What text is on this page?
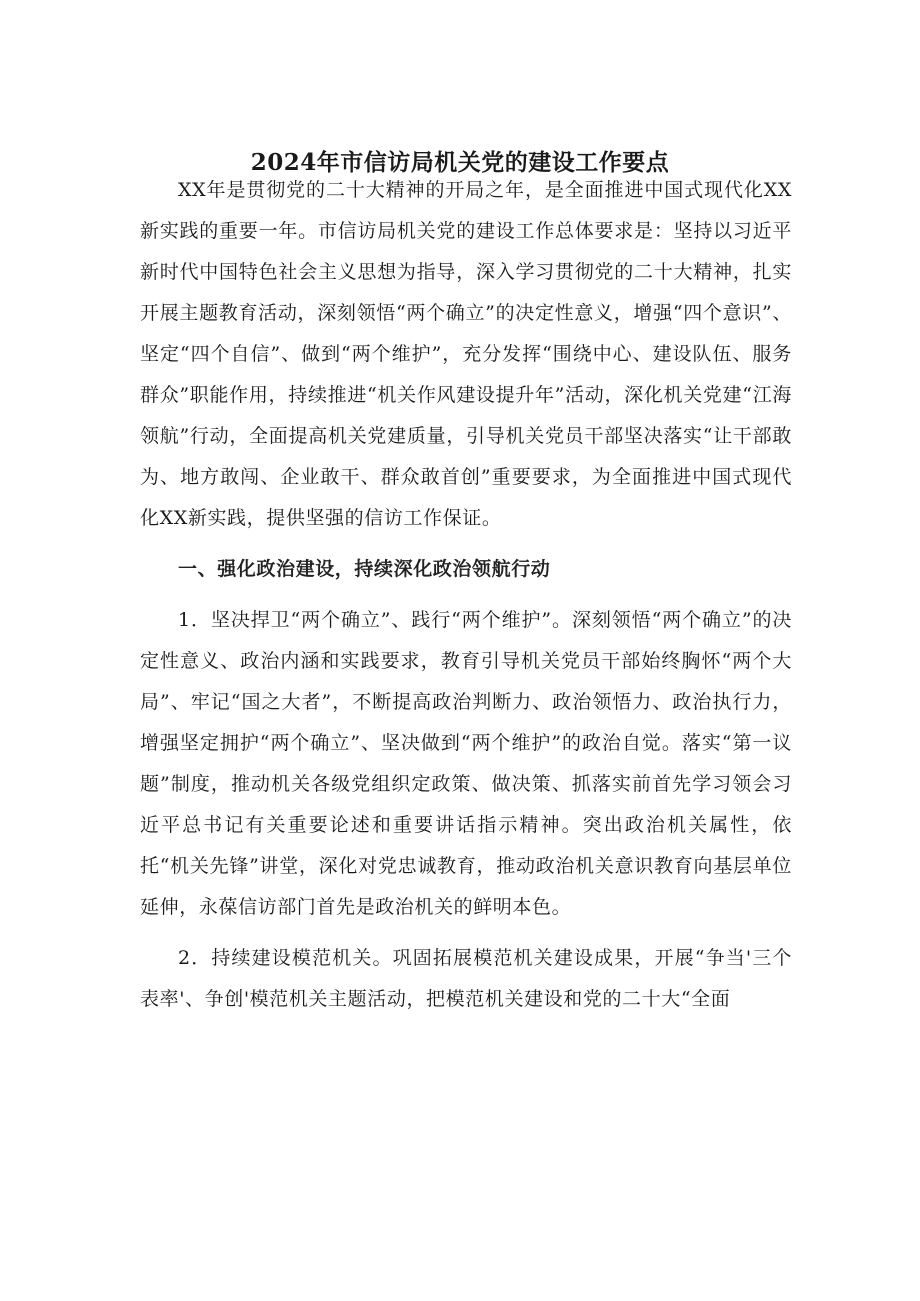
2024年市信访局机关党的建设工作要点

XX年是贯彻党的二十大精神的开局之年，是全面推进中国式现代化XX新实践的重要一年。市信访局机关党的建设工作总体要求是：坚持以习近平新时代中国特色社会主义思想为指导，深入学习贯彻党的二十大精神，扎实开展主题教育活动，深刻领悟“两个确立”的决定性意义，增强“四个意识”、坚定“四个自信”、做到“两个维护”，充分发挥“围绕中心、建设队伍、服务群众”职能作用，持续推进“机关作风建设提升年”活动，深化机关党建“江海领航”行动，全面提高机关党建质量，引导机关党员干部坚决落实“让干部敢为、地方敢闯、企业敢干、群众敢首创”重要要求，为全面推进中国式现代化XX新实践，提供坚强的信访工作保证。

一、强化政治建设，持续深化政治领航行动

1．坚决捍卫“两个确立”、践行“两个维护”。深刻领悟“两个确立”的决定性意义、政治内涵和实践要求，教育引导机关党员干部始终胸怀“两个大局”、牢记“国之大者”，不断提高政治判断力、政治领悟力、政治执行力，增强坚定拥护“两个确立”、坚决做到“两个维护”的政治自觉。落实“第一议题”制度，推动机关各级党组织定政策、做决策、抓落实前首先学习领会习近平总书记有关重要论述和重要讲话指示精神。突出政治机关属性，依托“机关先锋”讲堂，深化对党忠诚教育，推动政治机关意识教育向基层单位延伸，永葆信访部门首先是政治机关的鲜明本色。

2．持续建设模范机关。巩固拓展模范机关建设成果，开展“争当'三个表率'、争创'模范机关主题活动，把模范机关建设和党的二十大“全面
